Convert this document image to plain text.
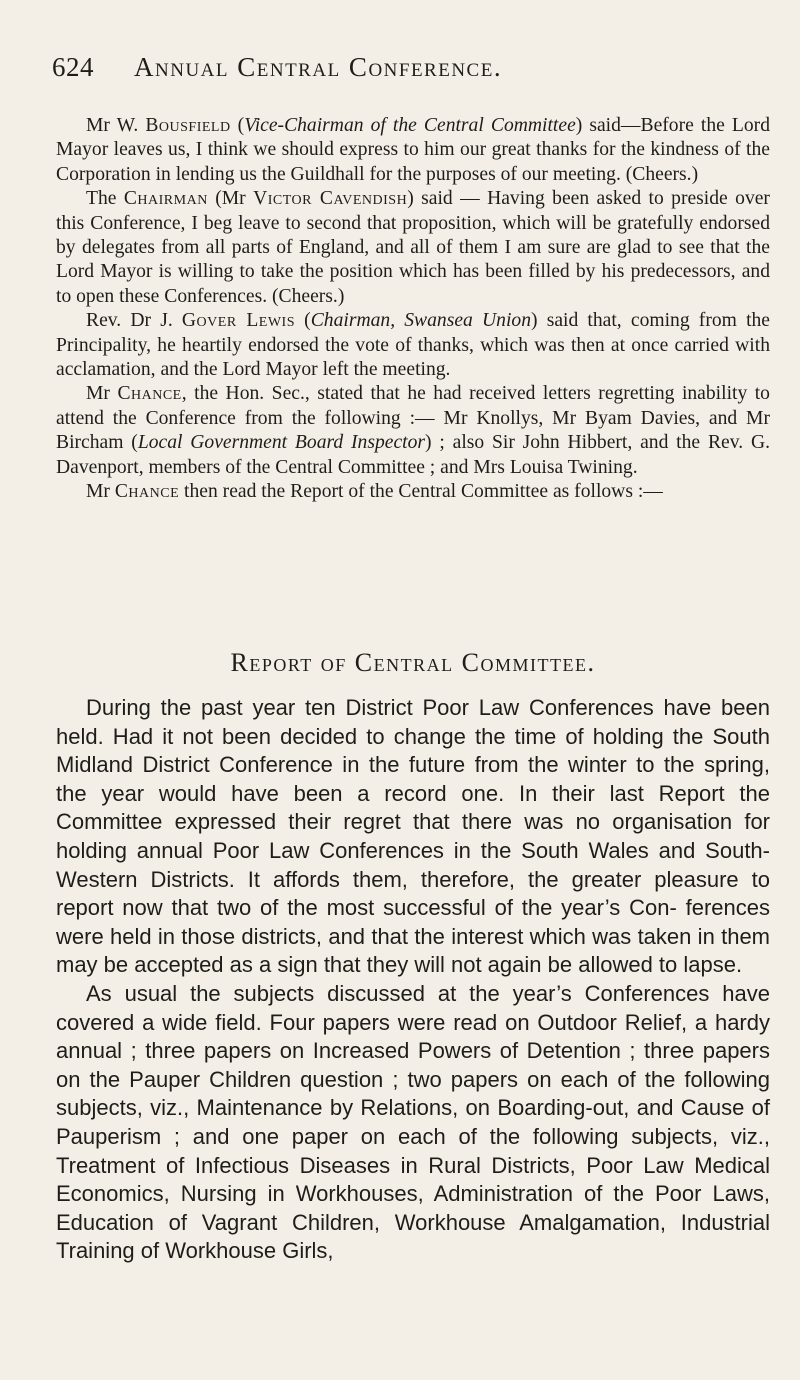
624 Annual Central Conference.

Mr W. Bousfield (Vice-Chairman of the Central Committee) said—Before the Lord Mayor leaves us, I think we should express to him our great thanks for the kindness of the Corporation in lending us the Guildhall for the purposes of our meeting. (Cheers.)

The Chairman (Mr Victor Cavendish) said — Having been asked to preside over this Conference, I beg leave to second that proposition, which will be gratefully endorsed by delegates from all parts of England, and all of them I am sure are glad to see that the Lord Mayor is willing to take the position which has been filled by his predecessors, and to open these Conferences. (Cheers.)

Rev. Dr J. Gover Lewis (Chairman, Swansea Union) said that, coming from the Principality, he heartily endorsed the vote of thanks, which was then at once carried with acclamation, and the Lord Mayor left the meeting.

Mr Chance, the Hon. Sec., stated that he had received letters regretting inability to attend the Conference from the following :— Mr Knollys, Mr Byam Davies, and Mr Bircham (Local Government Board Inspector) ; also Sir John Hibbert, and the Rev. G. Davenport, members of the Central Committee ; and Mrs Louisa Twining.

Mr Chance then read the Report of the Central Committee as follows :—

Report of Central Committee.

During the past year ten District Poor Law Conferences have been held. Had it not been decided to change the time of holding the South Midland District Conference in the future from the winter to the spring, the year would have been a record one. In their last Report the Committee expressed their regret that there was no organisation for holding annual Poor Law Conferences in the South Wales and South-Western Districts. It affords them, therefore, the greater pleasure to report now that two of the most successful of the year’s Con- ferences were held in those districts, and that the interest which was taken in them may be accepted as a sign that they will not again be allowed to lapse.

As usual the subjects discussed at the year’s Conferences have covered a wide field. Four papers were read on Outdoor Relief, a hardy annual ; three papers on Increased Powers of Detention ; three papers on the Pauper Children question ; two papers on each of the following subjects, viz., Maintenance by Relations, on Boarding-out, and Cause of Pauperism ; and one paper on each of the following subjects, viz., Treatment of Infectious Diseases in Rural Districts, Poor Law Medical Economics, Nursing in Workhouses, Administration of the Poor Laws, Education of Vagrant Children, Workhouse Amalgamation, Industrial Training of Workhouse Girls,
